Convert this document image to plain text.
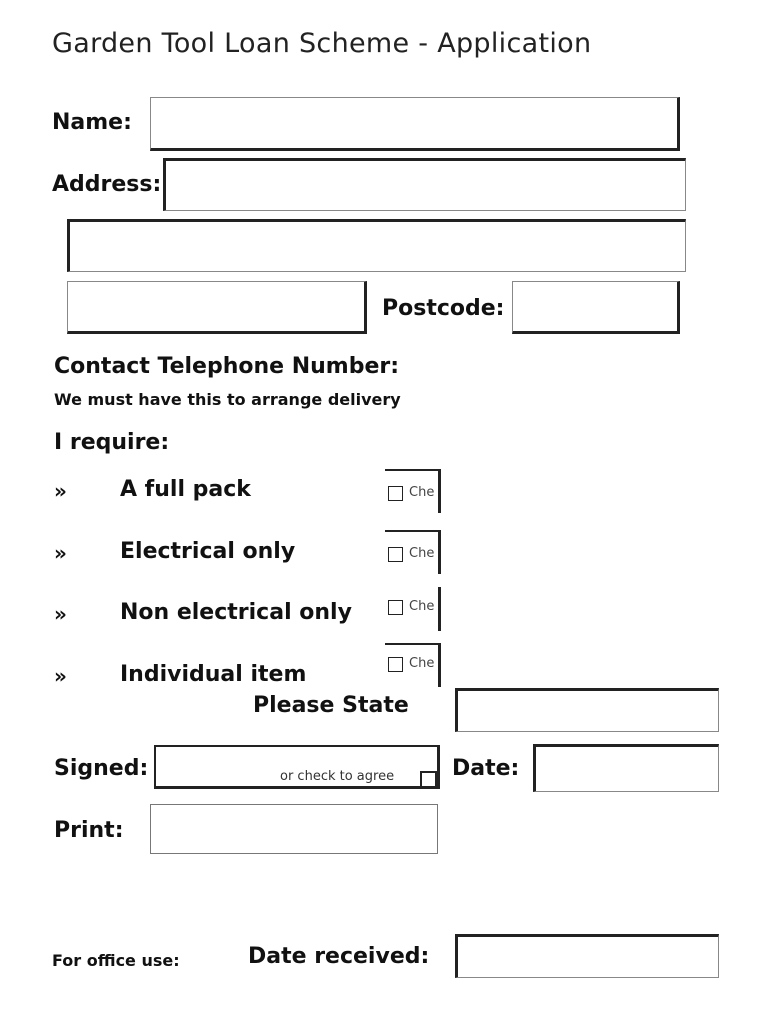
Garden Tool Loan Scheme - Application
Name:
Address:
Postcode:
Contact Telephone Number:
We must have this to arrange delivery
I require:
» A full pack	Che
» Electrical only	Che
» Non electrical only	Che
» Individual item	Che
Please State
Signed:	or check to agree	Date:
Print:
For office use:	Date received:
